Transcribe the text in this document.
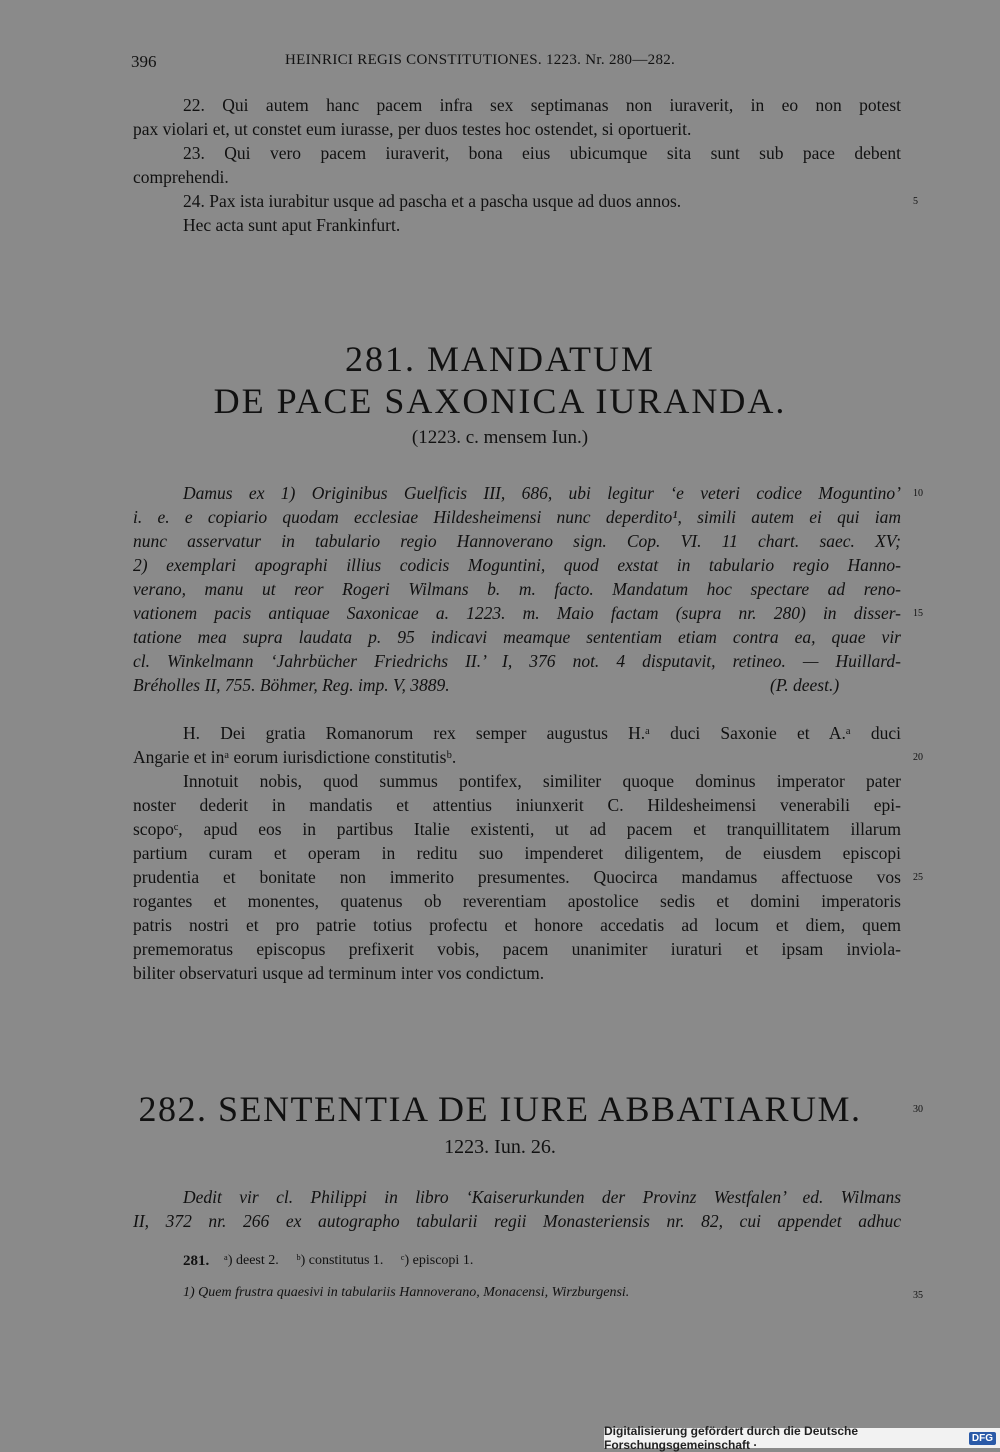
396	HEINRICI REGIS CONSTITUTIONES. 1223. Nr. 280—282.
22. Qui autem hanc pacem infra sex septimanas non iuraverit, in eo non potest
pax violari et, ut constet eum iurasse, per duos testes hoc ostendet, si oportuerit.
23. Qui vero pacem iuraverit, bona eius ubicumque sita sunt sub pace debent
comprehendi.
24. Pax ista iurabitur usque ad pascha et a pascha usque ad duos annos.
Hec acta sunt aput Frankinfurt.
281. MANDATUM
DE PACE SAXONICA IURANDA.
(1223. c. mensem Iun.)
Damus ex 1) Originibus Guelficis III, 686, ubi legitur ‘e veteri codice Moguntino’
i. e. e copiario quodam ecclesiae Hildesheimensi nunc deperdito¹, simili autem ei qui iam
nunc asservatur in tabulario regio Hannoverano sign. Cop. VI. 11 chart. saec. XV;
2) exemplari apographi illius codicis Moguntini, quod exstat in tabulario regio Hanno-
verano, manu ut reor Rogeri Wilmans b. m. facto. Mandatum hoc spectare ad reno-
vationem pacis antiquae Saxonicae a. 1223. m. Maio factam (supra nr. 280) in disser-
tatione mea supra laudata p. 95 indicavi meamque sententiam etiam contra ea, quae vir
cl. Winkelmann ‘Jahrbücher Friedrichs II.’ I, 376 not. 4 disputavit, retineo. — Huillard-
Bréholles II, 755. Böhmer, Reg. imp. V, 3889.	(P. deest.)
H. Dei gratia Romanorum rex semper augustus H.ᵃ duci Saxonie et A.ᵃ duci
Angarie et inᵃ eorum iurisdictione constitutisᵇ.
Innotuit nobis, quod summus pontifex, similiter quoque dominus imperator pater
noster dederit in mandatis et attentius iniunxerit C. Hildesheimensi venerabili epi-
scopoᶜ, apud eos in partibus Italie existenti, ut ad pacem et tranquillitatem illarum
partium curam et operam in reditu suo impenderet diligentem, de eiusdem episcopi
prudentia et bonitate non immerito presumentes. Quocirca mandamus affectuose vos
rogantes et monentes, quatenus ob reverentiam apostolice sedis et domini imperatoris
patris nostri et pro patrie totius profectu et honore accedatis ad locum et diem, quem
prememoratus episcopus prefixerit vobis, pacem unanimiter iuraturi et ipsam inviola-
biliter observaturi usque ad terminum inter vos condictum.
282. SENTENTIA DE IURE ABBATIARUM.
1223. Iun. 26.
Dedit vir cl. Philippi in libro ‘Kaiserurkunden der Provinz Westfalen’ ed. Wilmans
II, 372 nr. 266 ex autographo tabularii regii Monasteriensis nr. 82, cui appendet adhuc
281. ᵃ) deest 2.     ᵇ) constitutus 1.     ᶜ) episcopi 1.
1) Quem frustra quaesivi in tabulariis Hannoverano, Monacensi, Wirzburgensi.
5
10
15
20
25
30
35
Digitalisierung gefördert durch die Deutsche Forschungsgemeinschaft ·	DFG
